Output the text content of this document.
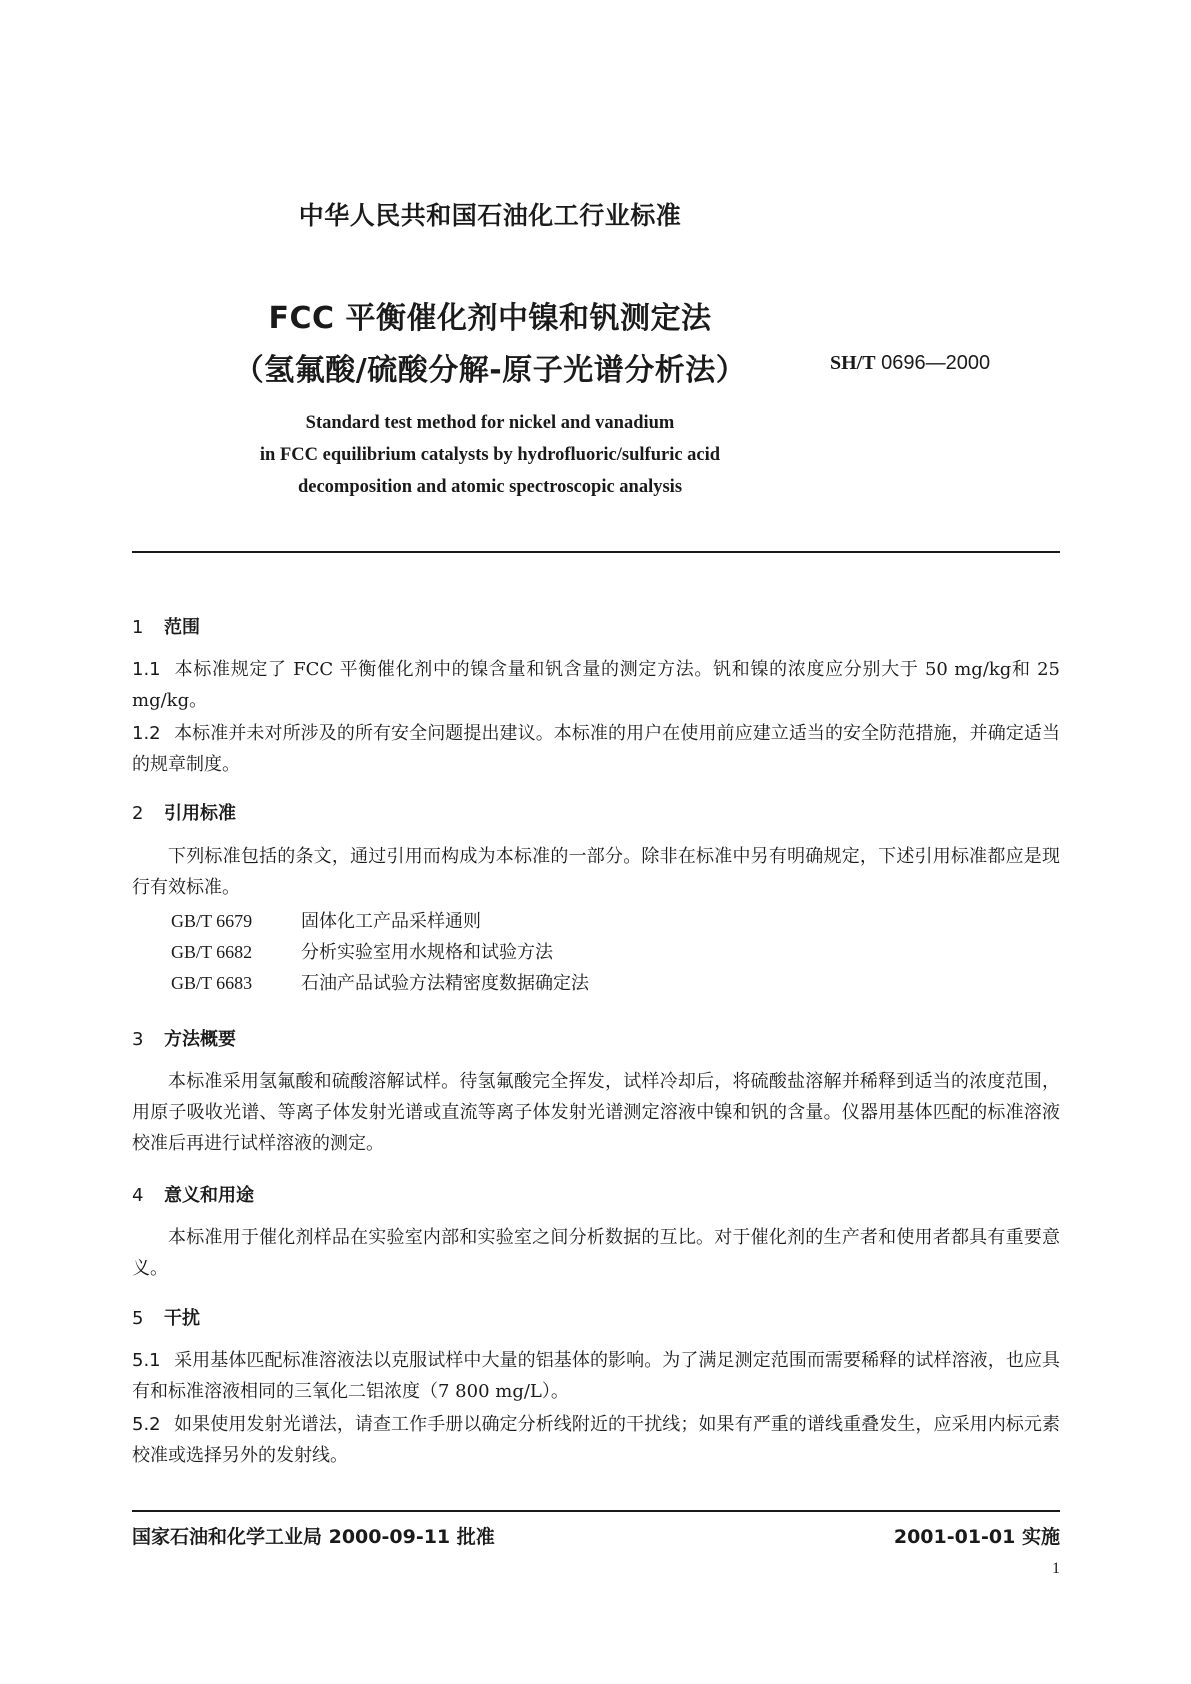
中华人民共和国石油化工行业标准
FCC 平衡催化剂中镍和钒测定法
（氢氟酸/硫酸分解-原子光谱分析法）	SH/T 0696—2000
Standard test method for nickel and vanadium
in FCC equilibrium catalysts by hydrofluoric/sulfuric acid
decomposition and atomic spectroscopic analysis
1 范围
1.1 本标准规定了 FCC 平衡催化剂中的镍含量和钒含量的测定方法。钒和镍的浓度应分别大于 50 mg/kg和 25 mg/kg。
1.2 本标准并未对所涉及的所有安全问题提出建议。本标准的用户在使用前应建立适当的安全防范措施，并确定适当的规章制度。
2 引用标准
下列标准包括的条文，通过引用而构成为本标准的一部分。除非在标准中另有明确规定，下述引用标准都应是现行有效标准。
GB/T 6679	固体化工产品采样通则
GB/T 6682	分析实验室用水规格和试验方法
GB/T 6683	石油产品试验方法精密度数据确定法
3 方法概要
本标准采用氢氟酸和硫酸溶解试样。待氢氟酸完全挥发，试样冷却后，将硫酸盐溶解并稀释到适当的浓度范围，用原子吸收光谱、等离子体发射光谱或直流等离子体发射光谱测定溶液中镍和钒的含量。仪器用基体匹配的标准溶液校准后再进行试样溶液的测定。
4 意义和用途
本标准用于催化剂样品在实验室内部和实验室之间分析数据的互比。对于催化剂的生产者和使用者都具有重要意义。
5 干扰
5.1 采用基体匹配标准溶液法以克服试样中大量的铝基体的影响。为了满足测定范围而需要稀释的试样溶液，也应具有和标准溶液相同的三氧化二铝浓度（7 800 mg/L）。
5.2 如果使用发射光谱法，请查工作手册以确定分析线附近的干扰线；如果有严重的谱线重叠发生，应采用内标元素校准或选择另外的发射线。
国家石油和化学工业局 2000-09-11 批准	2001-01-01 实施
1
